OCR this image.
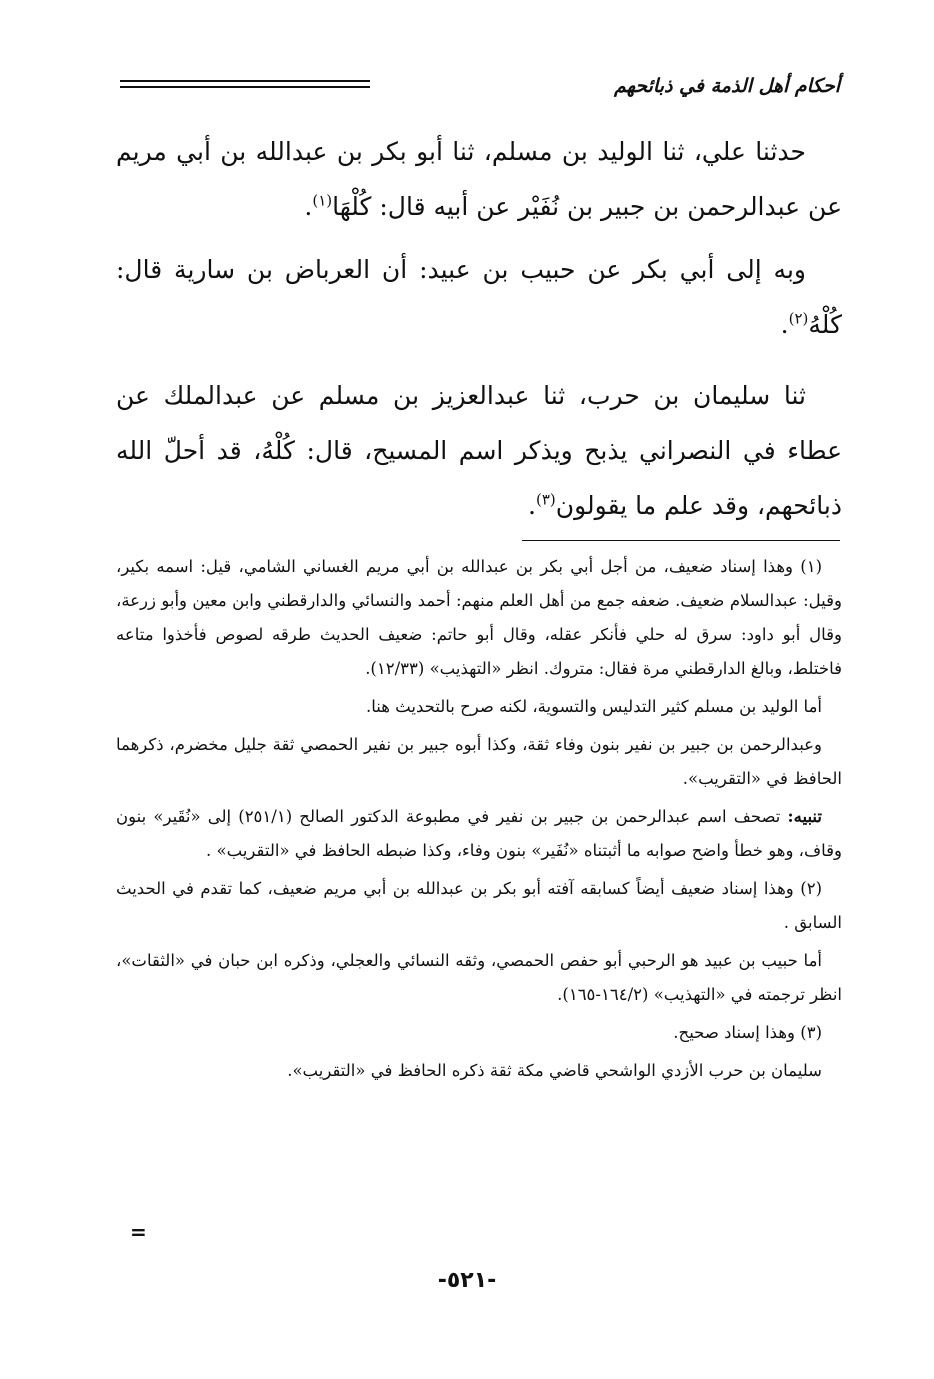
أحكام أهل الذمة في ذبائحهم

حدثنا علي، ثنا الوليد بن مسلم، ثنا أبو بكر بن عبدالله بن أبي مريم عن عبدالرحمن بن جبير بن نُفَيْر عن أبيه قال: كُلْهَا$^{(١)}$.

وبه إلى أبي بكر عن حبيب بن عبيد: أن العرباض بن سارية قال: كُلْهُ$^{(٢)}$.

ثنا سليمان بن حرب، ثنا عبدالعزيز بن مسلم عن عبدالملك عن عطاء في النصراني يذبح ويذكر اسم المسيح، قال: كُلْهُ، قد أحلّ الله ذبائحهم، وقد علم ما يقولون$^{(٣)}$.

(١) وهذا إسناد ضعيف، من أجل أبي بكر بن عبدالله بن أبي مريم الغساني الشامي، قيل: اسمه بكير، وقيل: عبدالسلام ضعيف. ضعفه جمع من أهل العلم منهم: أحمد والنسائي والدارقطني وابن معين وأبو زرعة، وقال أبو داود: سرق له حلي فأنكر عقله، وقال أبو حاتم: ضعيف الحديث طرقه لصوص فأخذوا متاعه فاختلط، وبالغ الدارقطني مرة فقال: متروك. انظر «التهذيب» (١٢/٣٣).

أما الوليد بن مسلم كثير التدليس والتسوية، لكنه صرح بالتحديث هنا.

وعبدالرحمن بن جبير بن نفير بنون وفاء ثقة، وكذا أبوه جبير بن نفير الحمصي ثقة جليل مخضرم، ذكرهما الحافظ في «التقريب».

تنبيه: تصحف اسم عبدالرحمن بن جبير بن نفير في مطبوعة الدكتور الصالح (٢٥١/١) إلى «نُقَير» بنون وقاف، وهو خطأ واضح صوابه ما أثبتناه «نُفَير» بنون وفاء، وكذا ضبطه الحافظ في «التقريب» .

(٢) وهذا إسناد ضعيف أيضاً كسابقه آفته أبو بكر بن عبدالله بن أبي مريم ضعيف، كما تقدم في الحديث السابق .

أما حبيب بن عبيد هو الرحبي أبو حفص الحمصي، وثقه النسائي والعجلي، وذكره ابن حبان في «الثقات»، انظر ترجمته في «التهذيب» (١٦٤/٢-١٦٥).

(٣) وهذا إسناد صحيح.

سليمان بن حرب الأزدي الواشحي قاضي مكة ثقة ذكره الحافظ في «التقريب».

=
-٥٢١-
